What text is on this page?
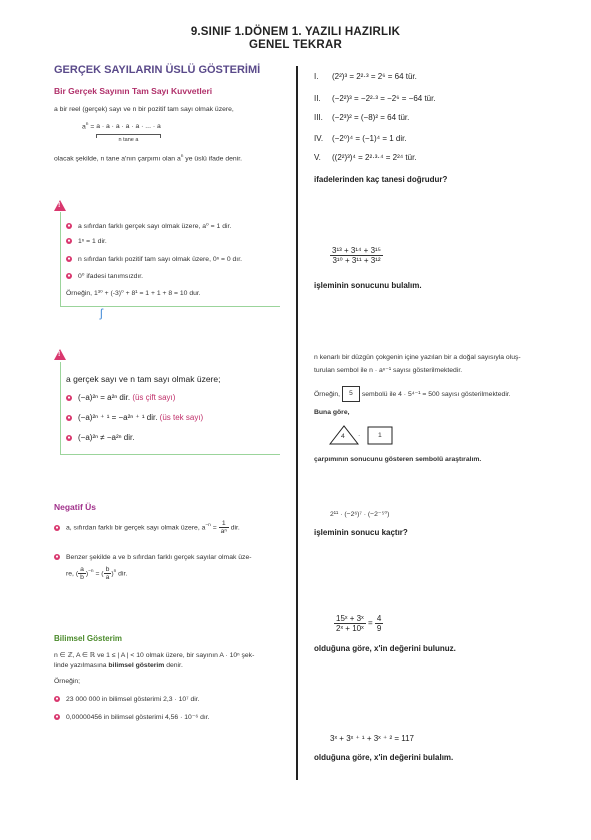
9.SINIF 1.DÖNEM 1. YAZILI HAZIRLIK
GENEL TEKRAR
GERÇEK SAYILARIN ÜSLÜ GÖSTERİMİ
Bir Gerçek Sayının Tam Sayı Kuvvetleri
a bir reel (gerçek) sayı ve n bir pozitif tam sayı olmak üzere,
$a^n = a \cdot a \cdot a \cdot a \cdot a$ · ... · a
n tane a
olacak şekilde, n tane a'nın çarpımı olan $a^n$ ye üslü ifade denir.
!
ʃ
● a sıfırdan farklı gerçek sayı olmak üzere, a⁰ = 1 dir.
● 1ⁿ = 1 dir.
● n sıfırdan farklı pozitif tam sayı olmak üzere, 0ⁿ = 0 dır.
● 0⁰ ifadesi tanımsızdır.
Örneğin, 1³⁰ + (-3)⁰ + 8¹ = 1 + 1 + 8 = 10 dur.
!
a gerçek sayı ve n tam sayı olmak üzere;
● (−a)²ⁿ = a²ⁿ dir. (üs çift sayı)
● (−a)²ⁿ ⁺ ¹ = −a²ⁿ ⁺ ¹ dir. (üs tek sayı)
● (−a)²ⁿ ≠ −a²ⁿ dir.
Negatif Üs
● a, sıfırdan farklı bir gerçek sayı olmak üzere, $a^{-n} = \frac{1}{\text{aⁿ}}$ dir.
● Benzer şekilde a ve b sıfırdan farklı gerçek sayılar olmak üze-
re, ( $\frac{a}{b} )^{-n}$ = ( $\frac{b}{a} )^n$ dir.
Bilimsel Gösterim
n ∈ ℤ, A ∈ ℝ ve 1 ≤ | A | < 10 olmak üzere, bir sayının A · 10ⁿ şek-
linde yazılmasına bilimsel gösterim denir.
Örneğin;
● 23 000 000 in bilimsel gösterimi 2,3 · 10⁷ dir.
● 0,00000456 in bilimsel gösterimi 4,56 · 10⁻⁶ dır.
I. (2²)³ = 2²·³ = 2⁶ = 64 tür.
II. (−2²)³ = −2²·³ = −2⁶ = −64 tür.
III. (−2³)² = (−8)² = 64 tür.
IV. (−2⁰)⁴ = (−1)⁴ = 1 dir.
V. ((2²)³)⁴ = 2²·³·⁴ = 2²⁴ tür.
ifadelerinden kaç tanesi doğrudur?
$\frac{\text{3¹³ + 3¹⁴ + 3¹⁵}}{\text{3¹⁰ + 3¹¹ + 3¹²}}$
işleminin sonucunu bulalım.
n kenarlı bir düzgün çokgenin içine yazılan bir a doğal sayısıyla oluş-
turulan sembol ile n · aⁿ⁻¹ sayısı gösterilmektedir.
Örneğin, 5 sembolü ile 4 · 5⁴⁻¹ = 500 sayısı gösterilmektedir.
Buna göre,
4 ·	1
çarpımının sonucunu gösteren sembolü araştıralım.
2¹¹ · (−2⁶)⁷ · (−2⁻⁵⁰)
işleminin sonucu kaçtır?
$\frac{\text{15ˣ + 3ˣ}}{\text{2ˣ + 10ˣ}} = \frac{4}{9}$
olduğuna göre, x'in değerini bulunuz.
3ˣ + 3ˣ ⁺ ¹ + 3ˣ ⁺ ² = 117
olduğuna göre, x'in değerini bulalım.
